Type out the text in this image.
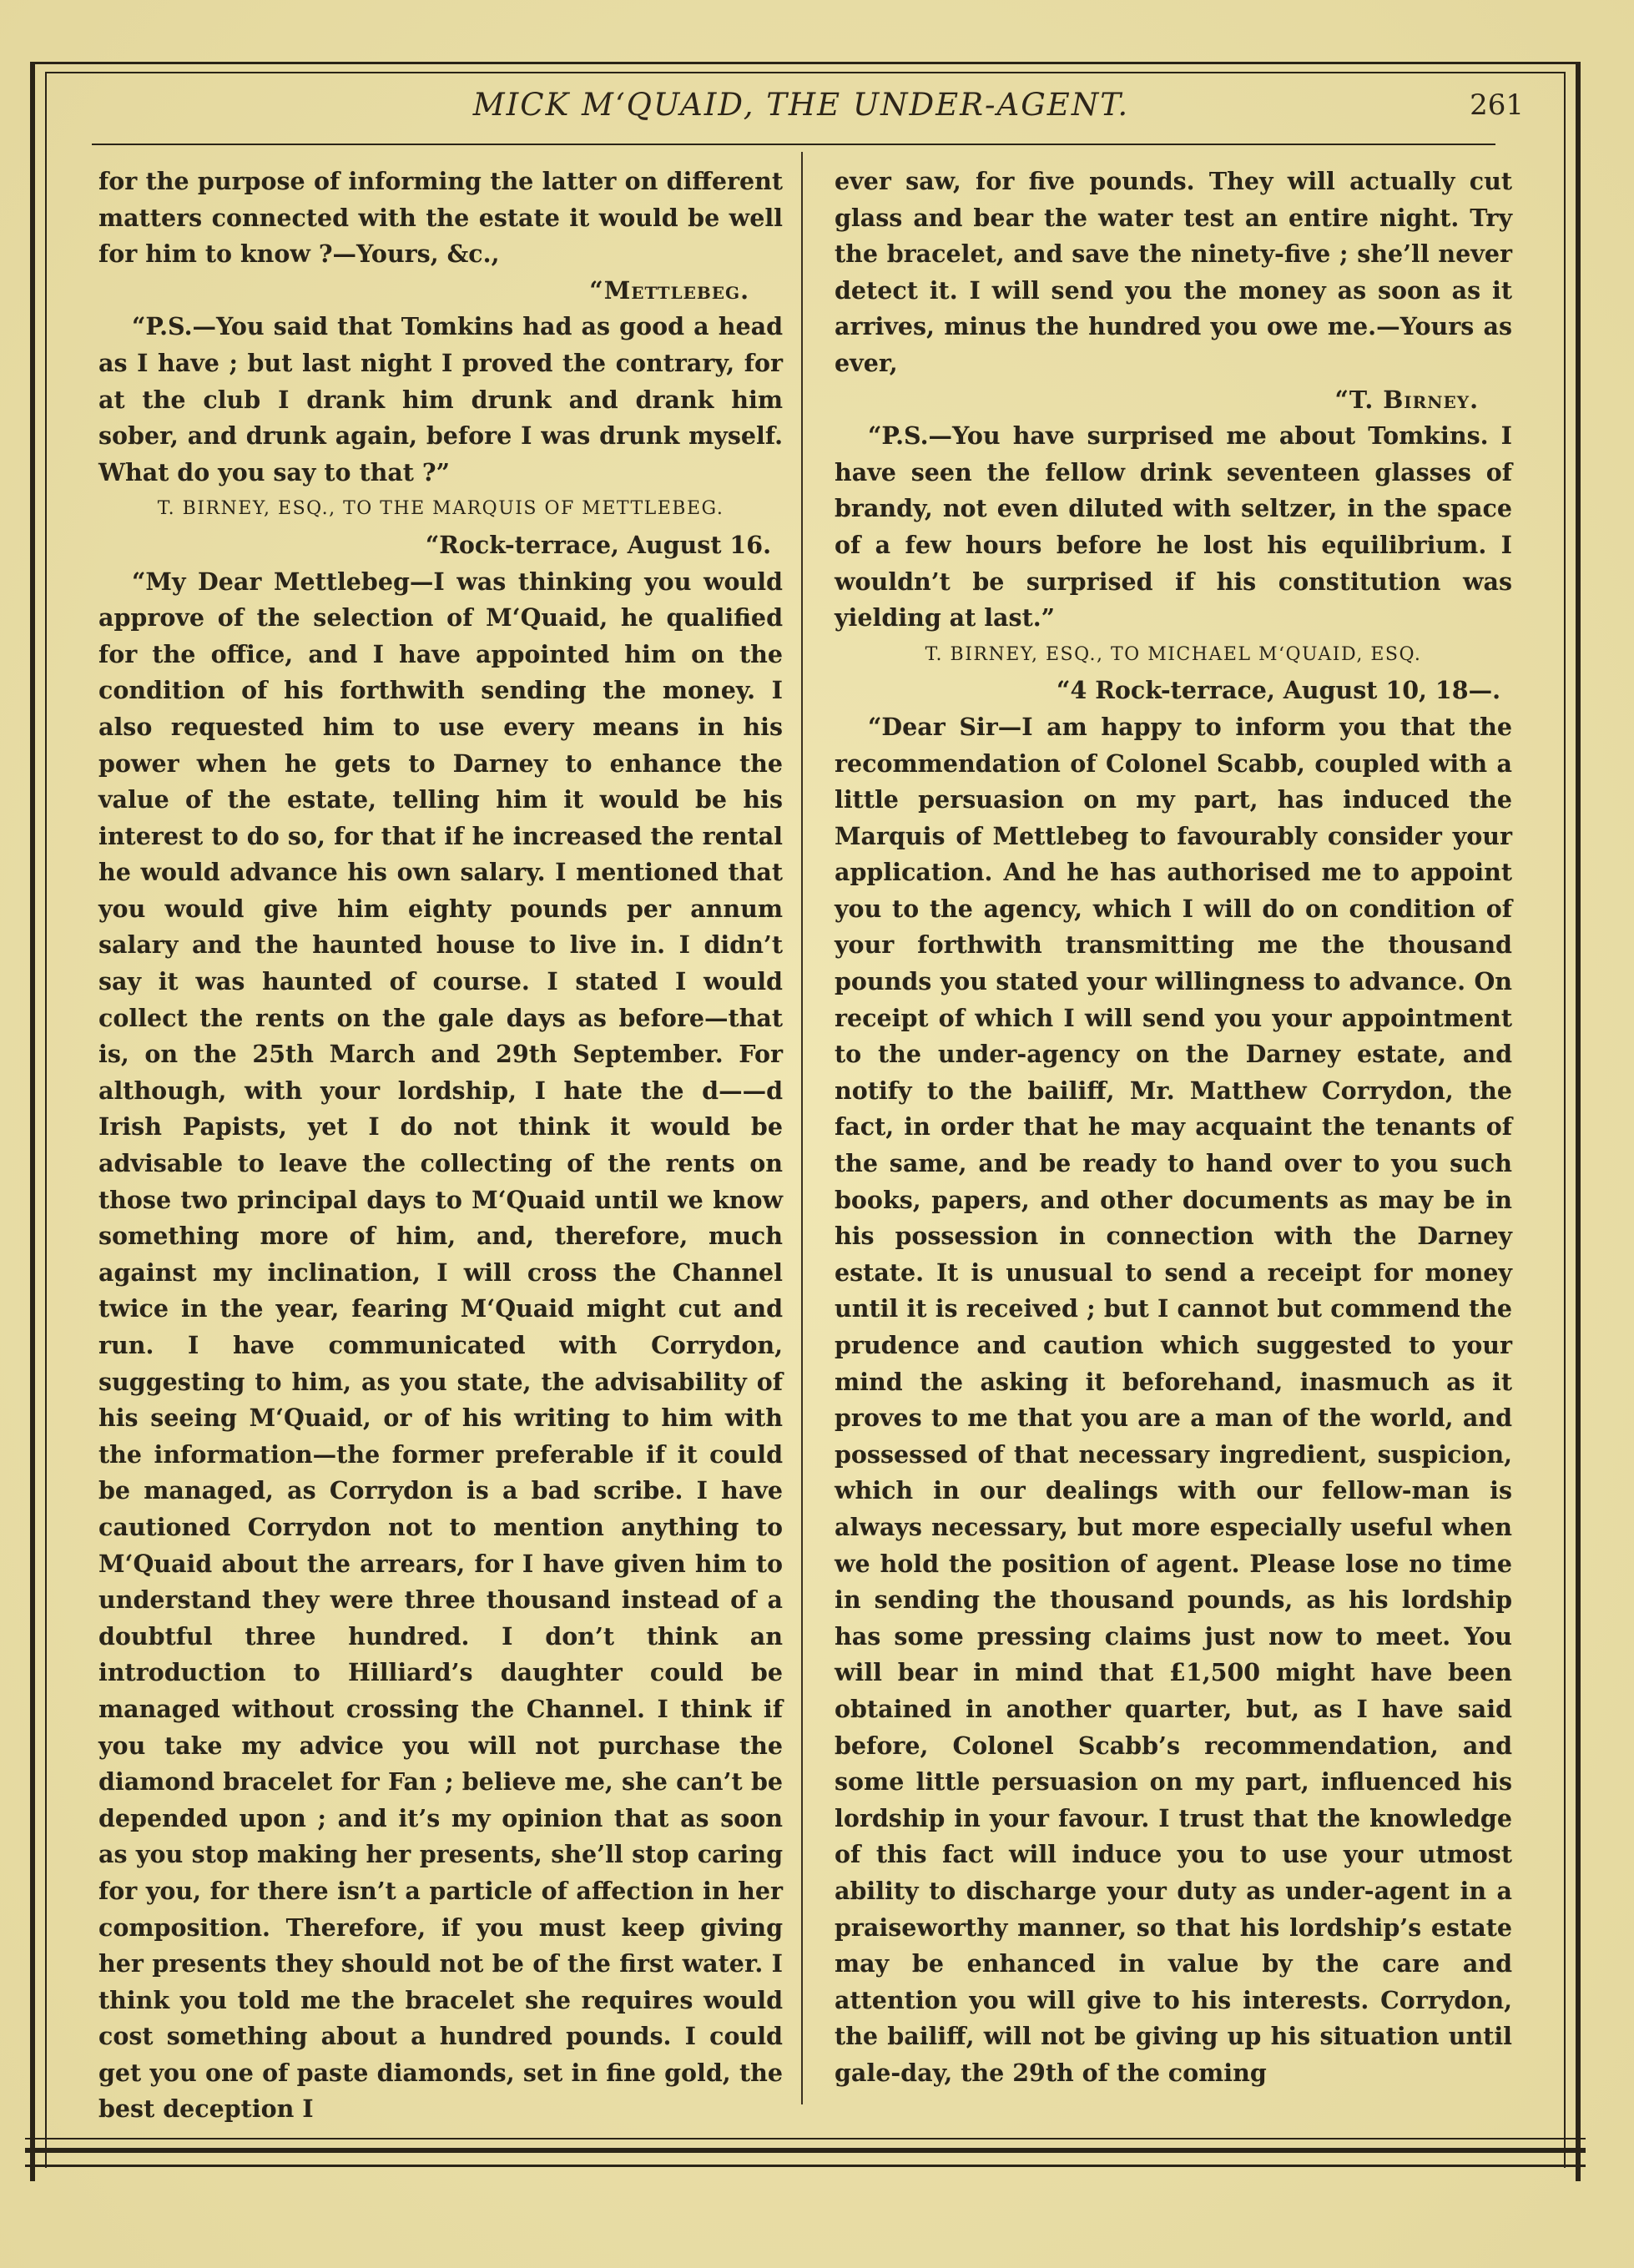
MICK M‘QUAID, THE UNDER-AGENT.	261

for the purpose of informing the latter on different matters connected with the estate it would be well for him to know ?—Yours, &c.,

“Mettlebeg.

“P.S.—You said that Tomkins had as good a head as I have ; but last night I proved the contrary, for at the club I drank him drunk and drank him sober, and drunk again, before I was drunk myself. What do you say to that ?”

T. BIRNEY, ESQ., TO THE MARQUIS OF METTLEBEG.

“Rock-terrace, August 16.

“My Dear Mettlebeg—I was thinking you would approve of the selection of M‘Quaid, he qualified for the office, and I have appointed him on the condition of his forthwith sending the money. I also requested him to use every means in his power when he gets to Darney to enhance the value of the estate, telling him it would be his interest to do so, for that if he increased the rental he would advance his own salary. I mentioned that you would give him eighty pounds per annum salary and the haunted house to live in. I didn’t say it was haunted of course. I stated I would collect the rents on the gale days as before—that is, on the 25th March and 29th September. For although, with your lordship, I hate the d——d Irish Papists, yet I do not think it would be advisable to leave the collecting of the rents on those two principal days to M‘Quaid until we know something more of him, and, therefore, much against my inclination, I will cross the Channel twice in the year, fearing M‘Quaid might cut and run. I have communicated with Corrydon, suggesting to him, as you state, the advisability of his seeing M‘Quaid, or of his writing to him with the information—the former preferable if it could be managed, as Corrydon is a bad scribe. I have cautioned Corrydon not to mention anything to M‘Quaid about the arrears, for I have given him to understand they were three thousand instead of a doubtful three hundred. I don’t think an introduction to Hilliard’s daughter could be managed without crossing the Channel. I think if you take my advice you will not purchase the diamond bracelet for Fan ; believe me, she can’t be depended upon ; and it’s my opinion that as soon as you stop making her presents, she’ll stop caring for you, for there isn’t a particle of affection in her composition. Therefore, if you must keep giving her presents they should not be of the first water. I think you told me the bracelet she requires would cost something about a hundred pounds. I could get you one of paste diamonds, set in fine gold, the best deception I

ever saw, for five pounds. They will actually cut glass and bear the water test an entire night. Try the bracelet, and save the ninety-five ; she’ll never detect it. I will send you the money as soon as it arrives, minus the hundred you owe me.—Yours as ever,

“T. Birney.

“P.S.—You have surprised me about Tomkins. I have seen the fellow drink seventeen glasses of brandy, not even diluted with seltzer, in the space of a few hours before he lost his equilibrium. I wouldn’t be surprised if his constitution was yielding at last.”

T. BIRNEY, ESQ., TO MICHAEL M‘QUAID, ESQ.

“4 Rock-terrace, August 10, 18—.

“Dear Sir—I am happy to inform you that the recommendation of Colonel Scabb, coupled with a little persuasion on my part, has induced the Marquis of Mettlebeg to favourably consider your application. And he has authorised me to appoint you to the agency, which I will do on condition of your forthwith transmitting me the thousand pounds you stated your willingness to advance. On receipt of which I will send you your appointment to the under-agency on the Darney estate, and notify to the bailiff, Mr. Matthew Corrydon, the fact, in order that he may acquaint the tenants of the same, and be ready to hand over to you such books, papers, and other documents as may be in his possession in connection with the Darney estate. It is unusual to send a receipt for money until it is received ; but I cannot but commend the prudence and caution which suggested to your mind the asking it beforehand, inasmuch as it proves to me that you are a man of the world, and possessed of that necessary ingredient, suspicion, which in our dealings with our fellow-man is always necessary, but more especially useful when we hold the position of agent. Please lose no time in sending the thousand pounds, as his lordship has some pressing claims just now to meet. You will bear in mind that £1,500 might have been obtained in another quarter, but, as I have said before, Colonel Scabb’s recommendation, and some little persuasion on my part, influenced his lordship in your favour. I trust that the knowledge of this fact will induce you to use your utmost ability to discharge your duty as under-agent in a praiseworthy manner, so that his lordship’s estate may be enhanced in value by the care and attention you will give to his interests. Corrydon, the bailiff, will not be giving up his situation until gale-day, the 29th of the coming
